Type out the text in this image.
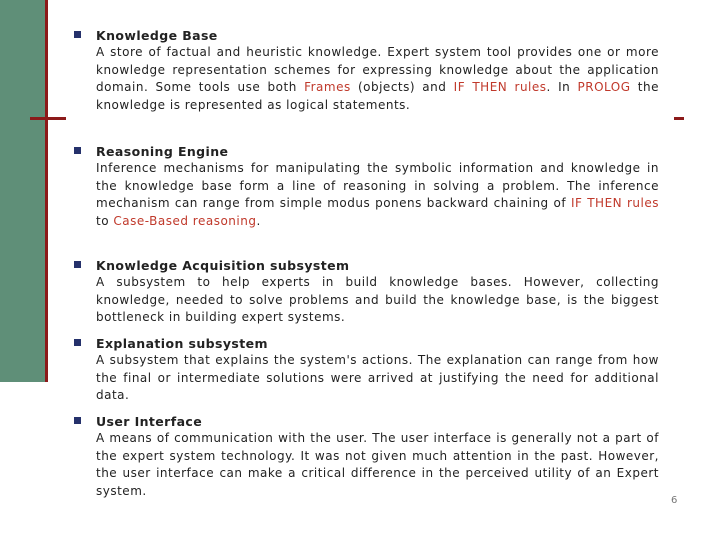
Knowledge Base
A store of factual and heuristic knowledge. Expert system tool provides one or more knowledge representation schemes for expressing knowledge about the application domain. Some tools use both Frames (objects) and IF THEN rules. In PROLOG the knowledge is represented as logical statements.
Reasoning Engine
Inference mechanisms for manipulating the symbolic information and knowledge in the knowledge base form a line of reasoning in solving a problem. The inference mechanism can range from simple modus ponens backward chaining of IF THEN rules to Case-Based reasoning.
Knowledge Acquisition subsystem
A subsystem to help experts in build knowledge bases. However, collecting knowledge, needed to solve problems and build the knowledge base, is the biggest bottleneck in building expert systems.
Explanation subsystem
A subsystem that explains the system's actions. The explanation can range from how the final or intermediate solutions were arrived at justifying the need for additional data.
User Interface
A means of communication with the user. The user interface is generally not a part of the expert system technology. It was not given much attention in the past. However, the user interface can make a critical difference in the perceived utility of an Expert system.
6
